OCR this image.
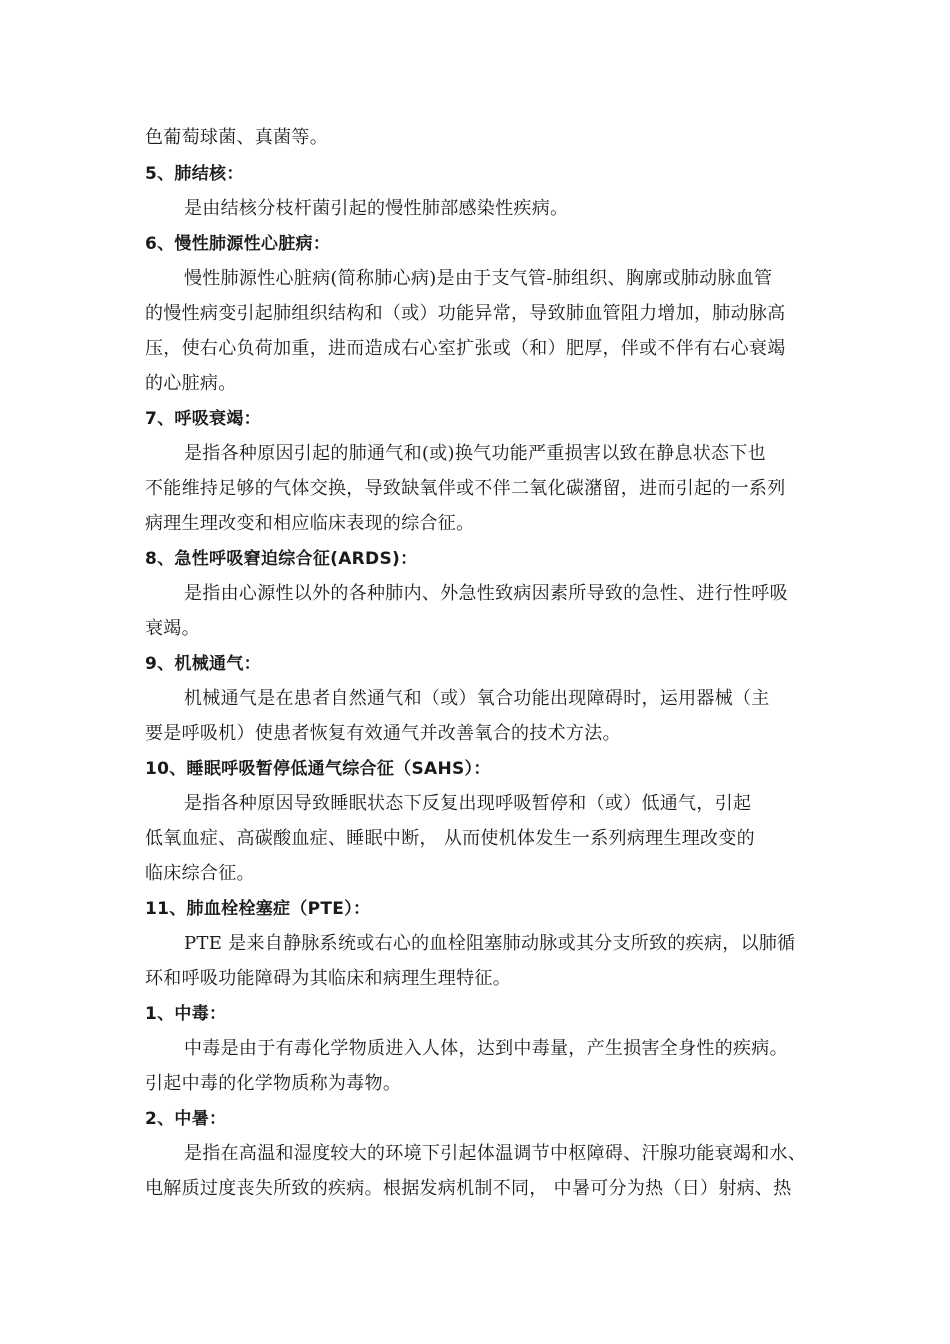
色葡萄球菌、真菌等。
5、肺结核：
是由结核分枝杆菌引起的慢性肺部感染性疾病。
6、慢性肺源性心脏病：
慢性肺源性心脏病(简称肺心病)是由于支气管-肺组织、胸廓或肺动脉血管
的慢性病变引起肺组织结构和（或）功能异常，导致肺血管阻力增加，肺动脉高
压，使右心负荷加重，进而造成右心室扩张或（和）肥厚，伴或不伴有右心衰竭
的心脏病。
7、呼吸衰竭：
是指各种原因引起的肺通气和(或)换气功能严重损害以致在静息状态下也
不能维持足够的气体交换，导致缺氧伴或不伴二氧化碳潴留，进而引起的一系列
病理生理改变和相应临床表现的综合征。
8、急性呼吸窘迫综合征(ARDS)：
是指由心源性以外的各种肺内、外急性致病因素所导致的急性、进行性呼吸
衰竭。
9、机械通气：
机械通气是在患者自然通气和（或）氧合功能出现障碍时，运用器械（主
要是呼吸机）使患者恢复有效通气并改善氧合的技术方法。
10、睡眠呼吸暂停低通气综合征（SAHS）：
是指各种原因导致睡眠状态下反复出现呼吸暂停和（或）低通气，引起
低氧血症、高碳酸血症、睡眠中断， 从而使机体发生一系列病理生理改变的
临床综合征。
11、肺血栓栓塞症（PTE）：
PTE 是来自静脉系统或右心的血栓阻塞肺动脉或其分支所致的疾病，以肺循
环和呼吸功能障碍为其临床和病理生理特征。
1、中毒：
中毒是由于有毒化学物质进入人体，达到中毒量，产生损害全身性的疾病。
引起中毒的化学物质称为毒物。
2、中暑：
是指在高温和湿度较大的环境下引起体温调节中枢障碍、汗腺功能衰竭和水、
电解质过度丧失所致的疾病。根据发病机制不同， 中暑可分为热（日）射病、热
